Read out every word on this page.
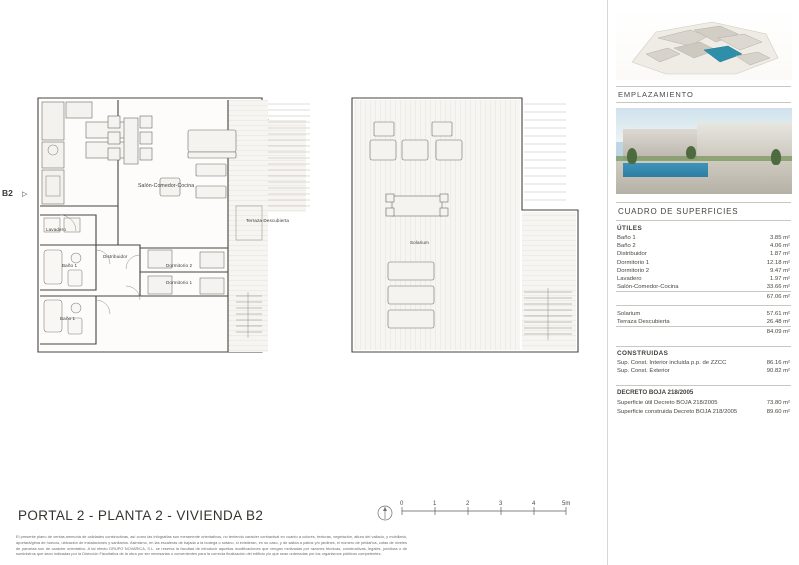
B2 ▷
Salón-Comedor-Cocina
Terraza Descubierta
Lavadero
Baño 1
Baño 1
Distribuidor
Dormitorio 2
Dormitorio 1
Solarium
PORTAL 2 - PLANTA 2 - VIVIENDA B2
0	1	2	3	4	5m
El presente plano de ventas,memoria de calidades constructivas, así como las infografías son meramente orientativos, no teniendo carácter contractual en cuanto a colores, texturas, vegetación, altura del vallado, y mobiliario, aportará/gima de huecos, ubicación de instalaciones y sanitarios. Asimismo, en las escaleras de bajada a la bodega o sótano, si existieran, en su caso, y de salida a patios y/o jardines, el número de peldaños, cotas de niveles de parcelas son de carácter orientativo. A tal efecto GRUPO NOVARICA, S.L. se reserva la facultad de introducir aquellas modificaciones que vengan motivadas por razones técnicas, constructivas, legales, jurídicas o de suministros que sean indicadas por la Dirección Facultativa de la obra por ser necesarias o convenientes para la correcta finalización del edificio y/o que sean ordenadas por los organismos públicos competentes.
EMPLAZAMIENTO
CUADRO DE SUPERFICIES
ÚTILES
Baño 1	3.85 m²
Baño 2	4.06 m²
Distribuidor	1.87 m²
Dormitorio 1	12.18 m²
Dormitorio 2	9.47 m²
Lavadero	1.97 m²
Salón-Comedor-Cocina	33.66 m²
	67.06 m²
Solarium	57.61 m²
Terraza Descubierta	26.48 m²
	84.09 m²
CONSTRUIDAS
Sup. Const. Interior incluida p.p. de ZZCC	86.16 m²
Sup. Const. Exterior	90.82 m²
DECRETO BOJA 218/2005
Superficie útil Decreto BOJA 218/2005	73.80 m²
Superficie construida Decreto BOJA 218/2005	89.60 m²
